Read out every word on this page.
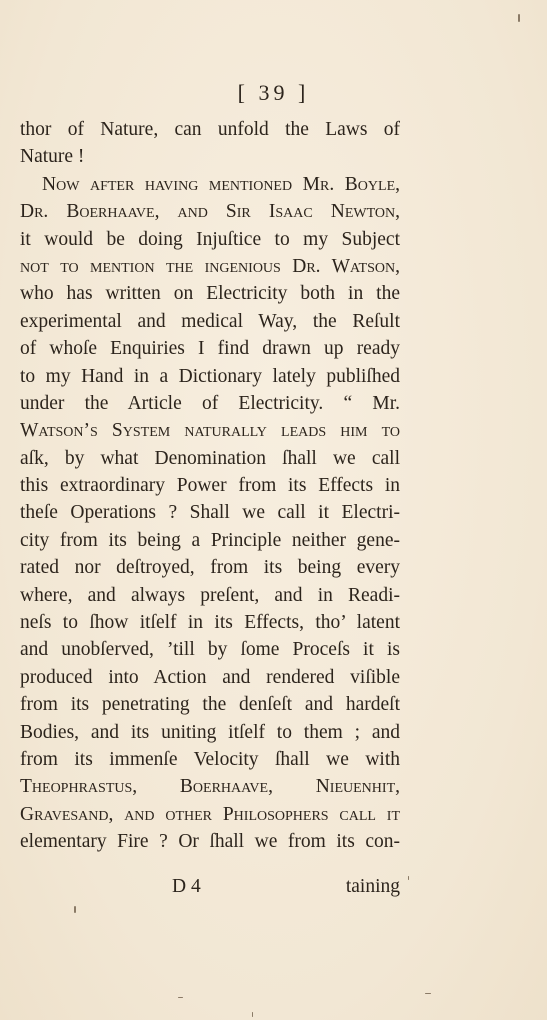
[ 39 ]
thor of Nature, can unfold the Laws of
Nature !
Now after having mentioned Mr. Boyle,
Dr. Boerhaave, and Sir Isaac Newton,
it would be doing Injuſtice to my Subject
not to mention the ingenious Dr. Watson,
who has written on Electricity both in the
experimental and medical Way, the Reſult
of whoſe Enquiries I find drawn up ready
to my Hand in a Dictionary lately publiſhed
under the Article of Electricity. “ Mr.
Watson’s Syſtem naturally leads him to
aſk, by what Denomination ſhall we call
this extraordinary Power from its Effects in
theſe Operations ? Shall we call it Electri-
city from its being a Principle neither gene-
rated nor deſtroyed, from its being every
where, and always preſent, and in Readi-
neſs to ſhow itſelf in its Effects, tho’ latent
and unobſerved, ’till by ſome Proceſs it is
produced into Action and rendered viſible
from its penetrating the denſeſt and hardeſt
Bodies, and its uniting itſelf to them ; and
from its immenſe Velocity ſhall we with
Theophrastus, Boerhaave, Nieuenhit,
Gravesand, and other Philoſophers call it
elementary Fire ? Or ſhall we from its con-
D 4	taining
